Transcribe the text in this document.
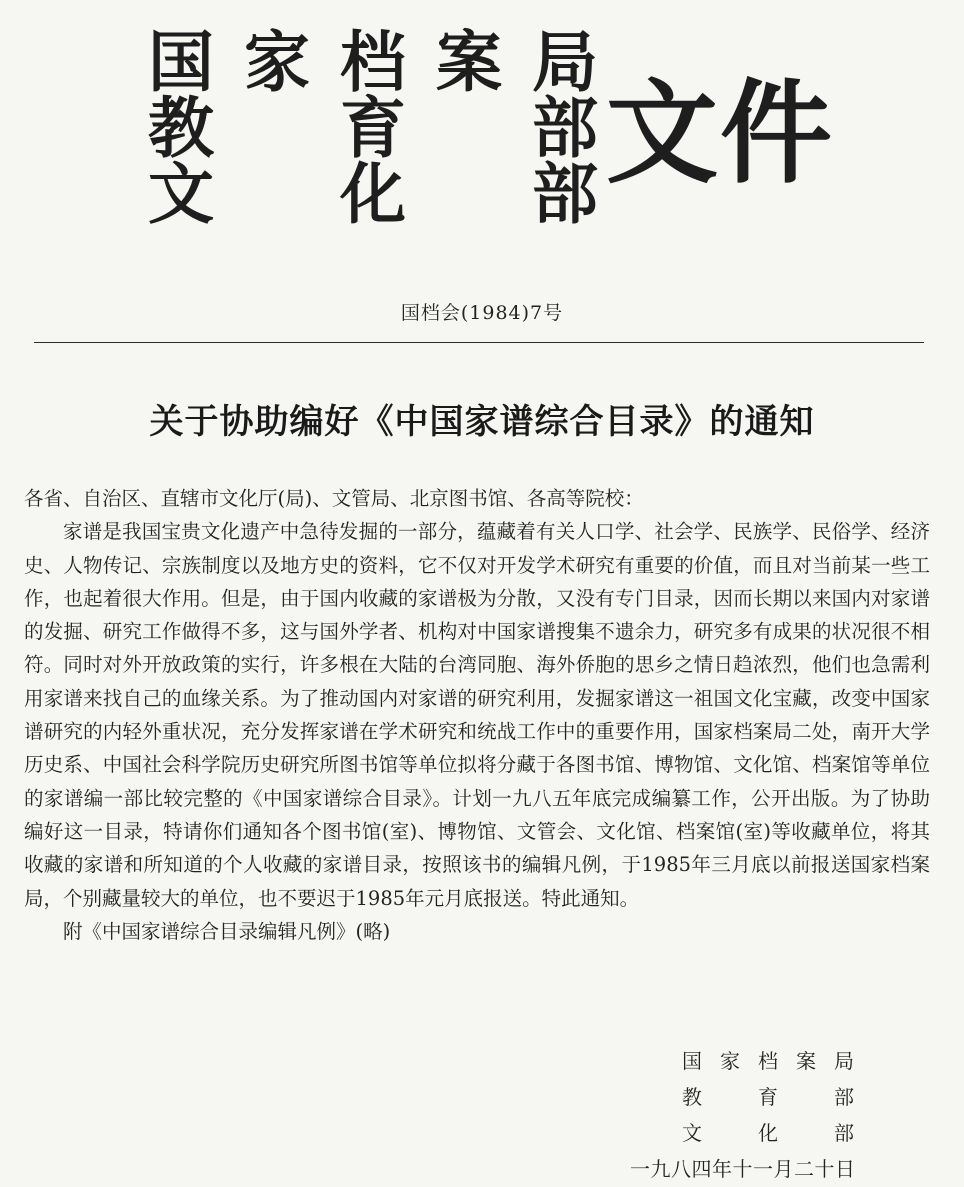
国 家 档 案 局
教 育 部
文 化 部 文件
国档会(1984)7号
关于协助编好《中国家谱综合目录》的通知

各省、自治区、直辖市文化厅(局)、文管局、北京图书馆、各高等院校：

家谱是我国宝贵文化遗产中急待发掘的一部分，蕴藏着有关人口学、社会学、民族学、民俗学、经济史、人物传记、宗族制度以及地方史的资料，它不仅对开发学术研究有重要的价值，而且对当前某一些工作，也起着很大作用。但是，由于国内收藏的家谱极为分散，又没有专门目录，因而长期以来国内对家谱的发掘、研究工作做得不多，这与国外学者、机构对中国家谱搜集不遗余力，研究多有成果的状况很不相符。同时对外开放政策的实行，许多根在大陆的台湾同胞、海外侨胞的思乡之情日趋浓烈，他们也急需利用家谱来找自己的血缘关系。为了推动国内对家谱的研究利用，发掘家谱这一祖国文化宝藏，改变中国家谱研究的内轻外重状况，充分发挥家谱在学术研究和统战工作中的重要作用，国家档案局二处，南开大学历史系、中国社会科学院历史研究所图书馆等单位拟将分藏于各图书馆、博物馆、文化馆、档案馆等单位的家谱编一部比较完整的《中国家谱综合目录》。计划一九八五年底完成编纂工作，公开出版。为了协助编好这一目录，特请你们通知各个图书馆(室)、博物馆、文管会、文化馆、档案馆(室)等收藏单位，将其收藏的家谱和所知道的个人收藏的家谱目录，按照该书的编辑凡例，于1985年三月底以前报送国家档案局，个别藏量较大的单位，也不要迟于1985年元月底报送。特此通知。

附《中国家谱综合目录编辑凡例》(略)

国 家 档 案 局
教	育	部
文	化	部
一九八四年十一月二十日
